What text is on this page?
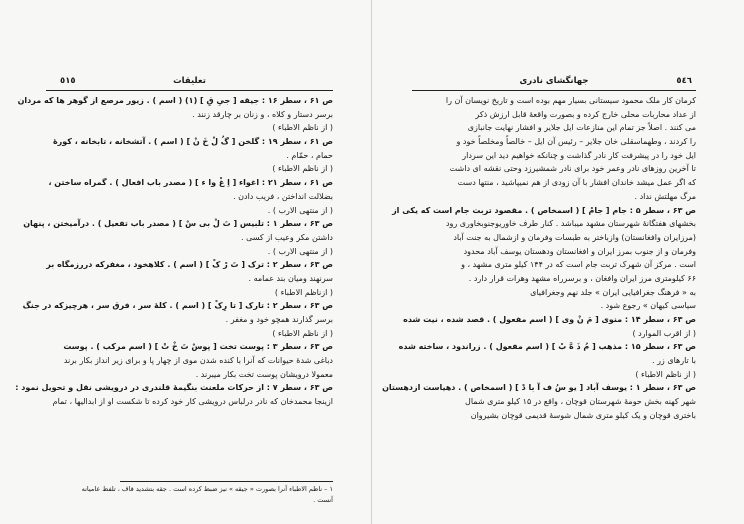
٥١٥	تعلیقات
ص ۶۱ ، سطر ۱۶ : جیقه [ جیِ قِ ] (۱) ( اسم ) . زیور مرصع از گوهر ها که مردان
برسر دستار و کلاه ، و زنان بر چارقد زنند .
( از ناظم الاطباء )
ص ۶۱ ، سطر ۱۹ : گلخن [ گُ لْ خَ نْ ] ( اسم ) . آتشخانه ، تابخانه ، کورهٔ
حمام ، حمّام .
( از ناظم الاطباء )
ص ۶۱ ، سطر ۲۱ : اغواء [ اِ غْ وا ء ] ( مصدر باب افعال ) . گمراه ساختن ،
بضلالت انداختن ، فریب دادن .
( از منتهی الارب ) .
ص ۶۳ ، سطر ۱ : تلبیس [ تَ لْ بی سْ ] ( مصدر باب تفعیل ) . درآمیختن ، پنهان
داشتن مکر وعیب از کسی .
( از منتهی الارب ) .
ص ۶۳ ، سطر ۲ : ترک [ تَ رْ کْ ] ( اسم ) . کلاهخود ، مغفرکه دررزمگاه بر
سرنهند ومیان بند عمامه .
( ازناظم الاطباء )
ص ۶۳ ، سطر ۲ : تارک [ تا رِکْ ] ( اسم ) . کلهٔ سر ، فرق سر ، هرچیزکه در جنگ
برسر گذارند همچو خود و مغفر .
( از ناظم الاطباء )
ص ۶۳ ، سطر ۳ : پوست تخت [ پوسْ تَ خْ تْ ] ( اسم مرکب ) . پوست
دباغی شدهٔ حیوانات که آنرا با کنده شدن موی از چهار پا و برای زیر انداز بکار برند
معمولا درویشان پوست تخت بکار میبرند .
ص ۶۳ ، سطر ۷ : از حرکات ملعنت بنگیمهٔ قلندری در درویشی نقل و تحویل نمود :
ازینجا محمدخان که نادر درلباس درویشی کار خود کرده تا شکست او از ابدالیها ، تمام
۱ – ناظم الاطباء آنرا بصورت « جیقه » نیز ضبط کرده است . جقه بتشدید قاف ، تلفظ عامیانه
آنست .
٥٤٦
جهانگشای نادری
کرمان کار ملک محمود سیستانی بسیار مهم بوده است و تاریخ نویسان آن را
از عداد محاربات محلی خارج کرده و بصورت واقعهٔ قابل ارزش ذکر
می کنند . اصلاً جز تمام این منازعات ایل جلایر و افشار نهایت جانبازی
را کردند ، وطهماسقلی خان جلایر – رئیس آن ایل – خالصاً ومخلصاً خود و
ایل خود را در پیشرفت کار نادر گذاشت و چنانکه خواهیم دید این سردار
تا آخرین روزهای نادر وعمر خود برای نادر شمشیرزد وحتی نقشه ای داشت
که اگر عمل میشد خاندان افشار با آن زودی از هم نمیپاشید ، منتها دست
مرگ مهلتش نداد .
ص ۶۳ ، سطر ۵ : جام [ جامْ ] ( اسمخاص ) . مقصود تربت جام است که یکی از
بخشهای هفتگانهٔ شهرستان مشهد میباشد . کنار طرف خاوریوجنوبخاوری رود
(مرزایران وافغانستان) وازباختر به طبسات وفرمان و ازشمال به جنت آباد
وفرمان و از جنوب بمرز ایران و افغانستان ودهستان یوسف آباد محدود
است . مرکز آن شهرک تربت جام است که در ۱۴۴ کیلو متری مشهد ، و
۶۶ کیلومتری مرز ایران وافغان ، و برسرراه مشهد وهرات قرار دارد .
به « فرهنگ جغرافیایی ایران » جلد نهم وجغرافیای
سیاسی کیهان » رجوع شود .
ص ۶۳ ، سطر ۱۴ : منوی [ مَ نْ وی ] ( اسم مفعول ) . قصد شده ، نیت شده
( از اقرب الموارد )
ص ۶۳ ، سطر ۱۵ : مذهب [ مُ ذَ هَّ بْ ] ( اسم مفعول ) . زراندود ، ساخته شده
با تارهای زر .
( از ناظم الاطباء )
ص ۶۳ ، سطر ۱ : یوسف آباد [ یو سُ ف آ با دْ ] ( اسمخاص ) . دهیاست ازدهستان
شهر کهنه بخش حومهٔ شهرستان قوچان ، واقع در ۱۵ کیلو متری شمال
باختری قوچان و یک کیلو متری شمال شوسهٔ قدیمی قوچان بشیروان
